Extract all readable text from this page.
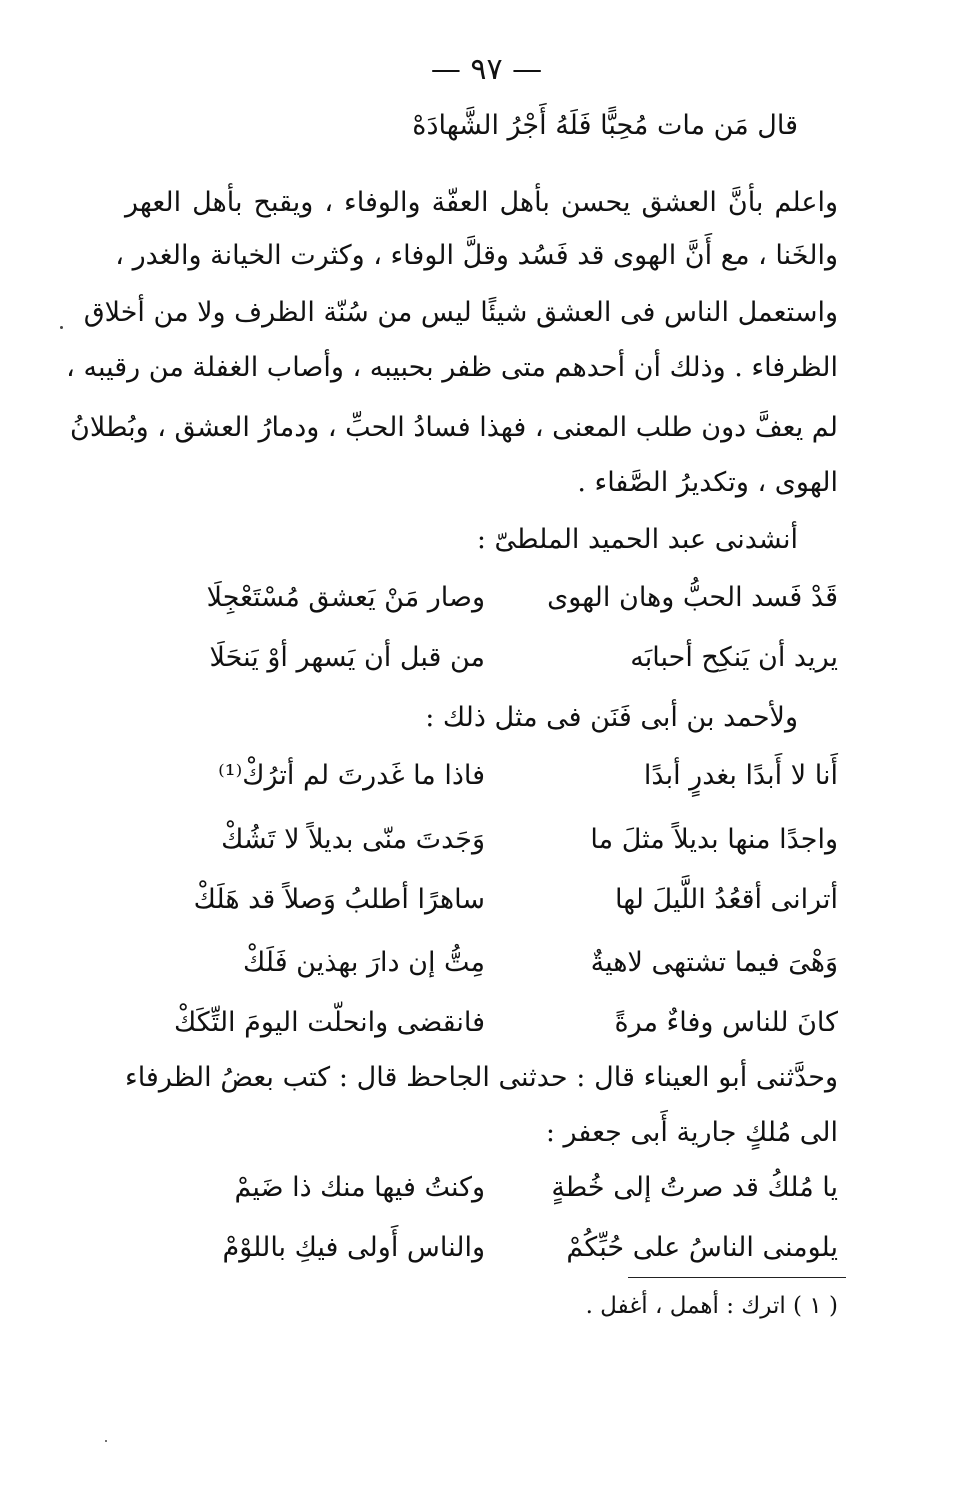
— ٩٧ —
قال مَن مات مُحِبًّا فَلَهُ أَجْرُ الشَّهادَهْ
واعلم بأنَّ العشق يحسن بأهل العفّة والوفاء ، ويقبح بأهل العهر
والخَنا ، مع أَنَّ الهوى قد فَسُد وقلَّ الوفاء ، وكثرت الخيانة والغدر ،
واستعمل الناس فى العشق شيئًا ليس من سُنّة الظرف ولا من أخلاق
الظرفاء . وذلك أن أحدهم متى ظفر بحبيبه ، وأصاب الغفلة من رقيبه ،
لم يعفَّ دون طلب المعنى ، فهذا فسادُ الحبِّ ، ودمارُ العشق ، وبُطلانُ
الهوى ، وتكديرُ الصَّفاء .
أنشدنى عبد الحميد الملطىّ :
قَدْ فَسد الحبُّ وهان الهوى
وصار مَنْ يَعشق مُسْتَعْجِلَا
يريد أن يَنكِح أحبابَه
من قبل أن يَسهر أوْ يَنحَلَا
ولأحمد بن أبى فَنَن فى مثل ذلك :
أَنا لا أَبدًا بغدرٍ أبدًا
فاذا ما غَدرتَ لم أترُكْ⁽¹⁾
واجدًا منها بديلاً مثلَ ما
وَجَدتَ منّى بديلاً لا تَشُكْ
أترانى أقعُدُ اللَّيلَ لها
ساهرًا أطلبُ وَصلاً قد هَلَكْ
وَهْىَ فيما تشتهى لاهيةٌ
مِتُّ إن دارَ بهذين فَلَكْ
كانَ للناس وفاءٌ مرةً
فانقضى وانحلّت اليومَ التِّكَكْ
وحدَّثنى أبو العيناء قال : حدثنى الجاحظ قال : كتب بعضُ الظرفاء
الى مُلكٍ جارية أَبى جعفر :
يا مُلكُ قد صرتُ إلى خُطةٍ
وكنتُ فيها منك ذا ضَيمْ
يلومنى الناسُ على حُبِّكُمْ
والناس أَولى فيكِ باللوْمْ
( ١ ) اترك : أهمل ، أغفل .
